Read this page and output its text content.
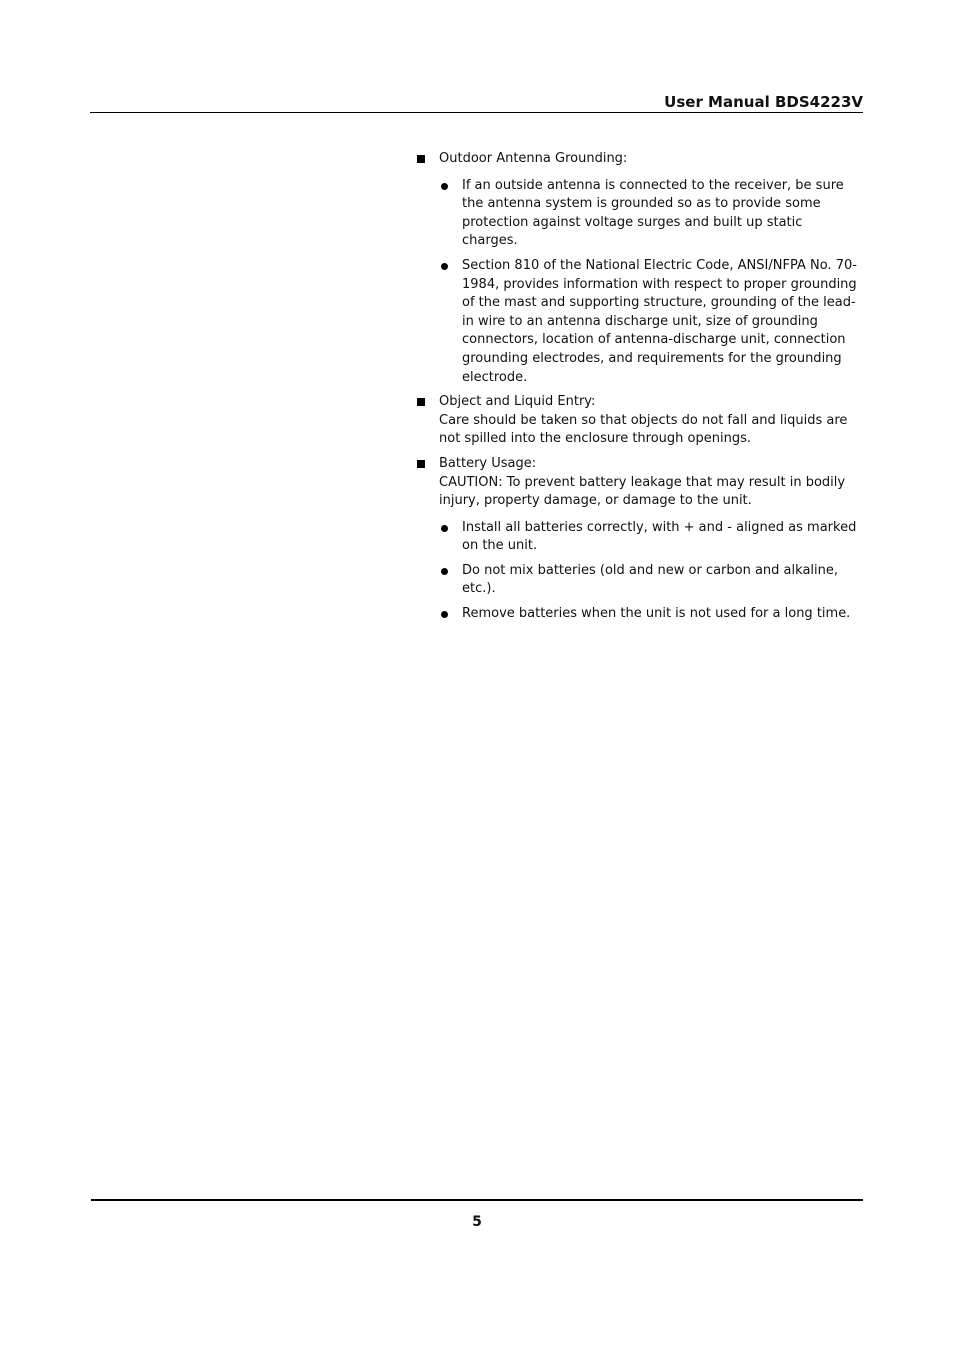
User Manual BDS4223V
Outdoor Antenna Grounding:
If an outside antenna is connected to the receiver, be sure the antenna system is grounded so as to provide some protection against voltage surges and built up static charges.
Section 810 of the National Electric Code, ANSI/NFPA No. 70-1984, provides information with respect to proper grounding of the mast and supporting structure, grounding of the lead-in wire to an antenna discharge unit, size of grounding connectors, location of antenna-discharge unit, connection grounding electrodes, and requirements for the grounding electrode.
Object and Liquid Entry:
Care should be taken so that objects do not fall and liquids are not spilled into the enclosure through openings.
Battery Usage:
CAUTION: To prevent battery leakage that may result in bodily injury, property damage, or damage to the unit.
Install all batteries correctly, with + and - aligned as marked on the unit.
Do not mix batteries (old and new or carbon and alkaline, etc.).
Remove batteries when the unit is not used for a long time.
5
